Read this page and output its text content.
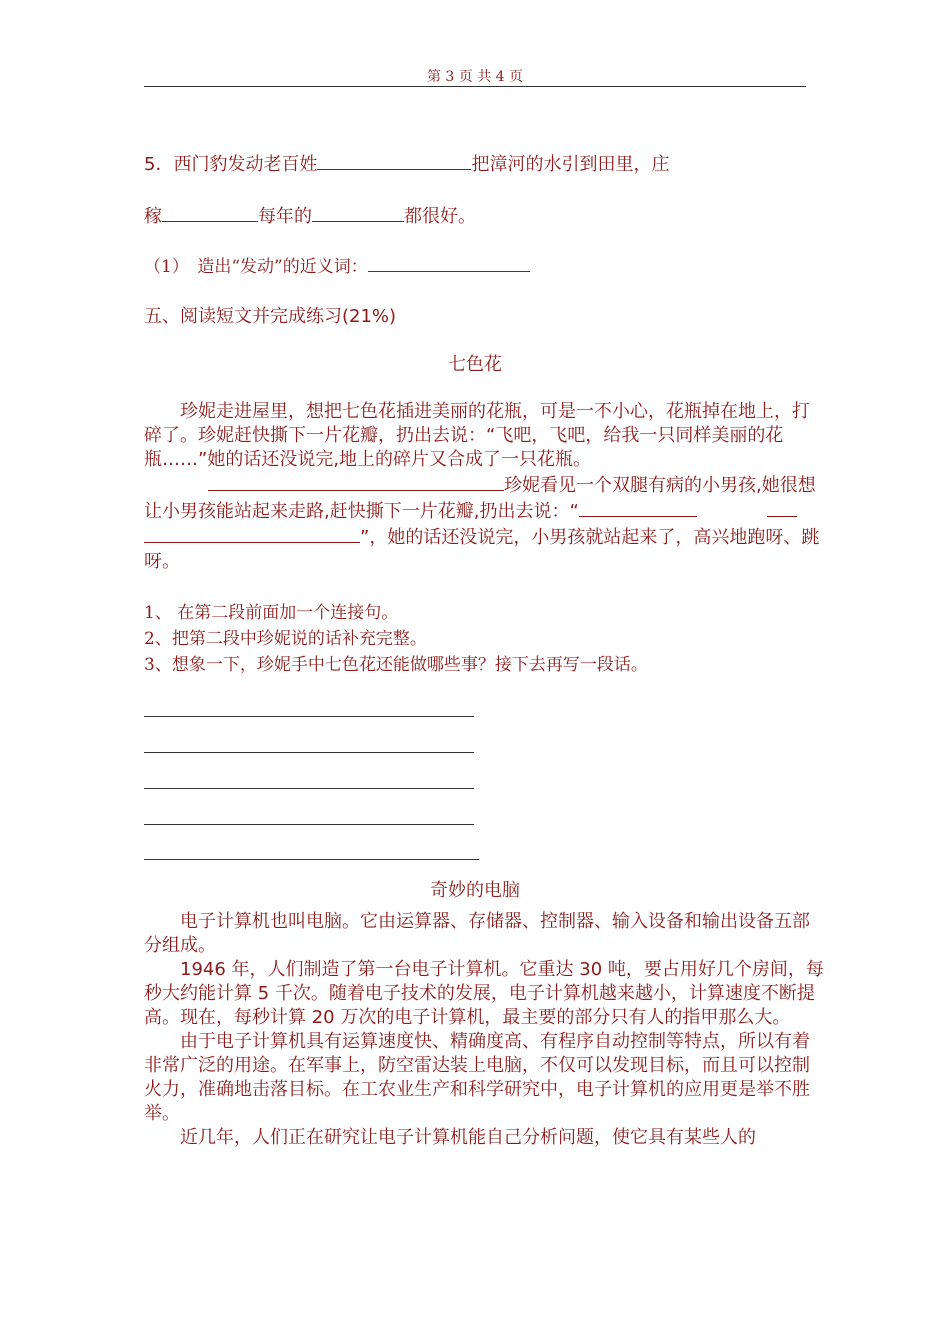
第 3 页 共 4 页
5．西门豹发动老百姓	把漳河的水引到田里，庄
稼	每年的	都很好。
（1）　造出“发动”的近义词：
五、阅读短文并完成练习(21%)
七色花

珍妮走进屋里，想把七色花插进美丽的花瓶，可是一不小心，花瓶掉在地上，打碎了。珍妮赶快撕下一片花瓣，扔出去说：“飞吧，飞吧，给我一只同样美丽的花瓶……”她的话还没说完,地上的碎片又合成了一只花瓶。

珍妮看见一个双腿有病的小男孩,她很想让小男孩能站起来走路,赶快撕下一片花瓣,扔出去说：“”，她的话还没说完，小男孩就站起来了，高兴地跑呀、跳呀。

1、 在第二段前面加一个连接句。
2、把第二段中珍妮说的话补充完整。
3、想象一下，珍妮手中七色花还能做哪些事？接下去再写一段话。
奇妙的电脑

电子计算机也叫电脑。它由运算器、存储器、控制器、输入设备和输出设备五部分组成。

1946 年，人们制造了第一台电子计算机。它重达 30 吨，要占用好几个房间，每秒大约能计算 5 千次。随着电子技术的发展，电子计算机越来越小，计算速度不断提高。现在，每秒计算 20 万次的电子计算机，最主要的部分只有人的指甲那么大。

由于电子计算机具有运算速度快、精确度高、有程序自动控制等特点，所以有着非常广泛的用途。在军事上，防空雷达装上电脑，不仅可以发现目标，而且可以控制火力，准确地击落目标。在工农业生产和科学研究中，电子计算机的应用更是举不胜举。

近几年，人们正在研究让电子计算机能自己分析问题，使它具有某些人的
